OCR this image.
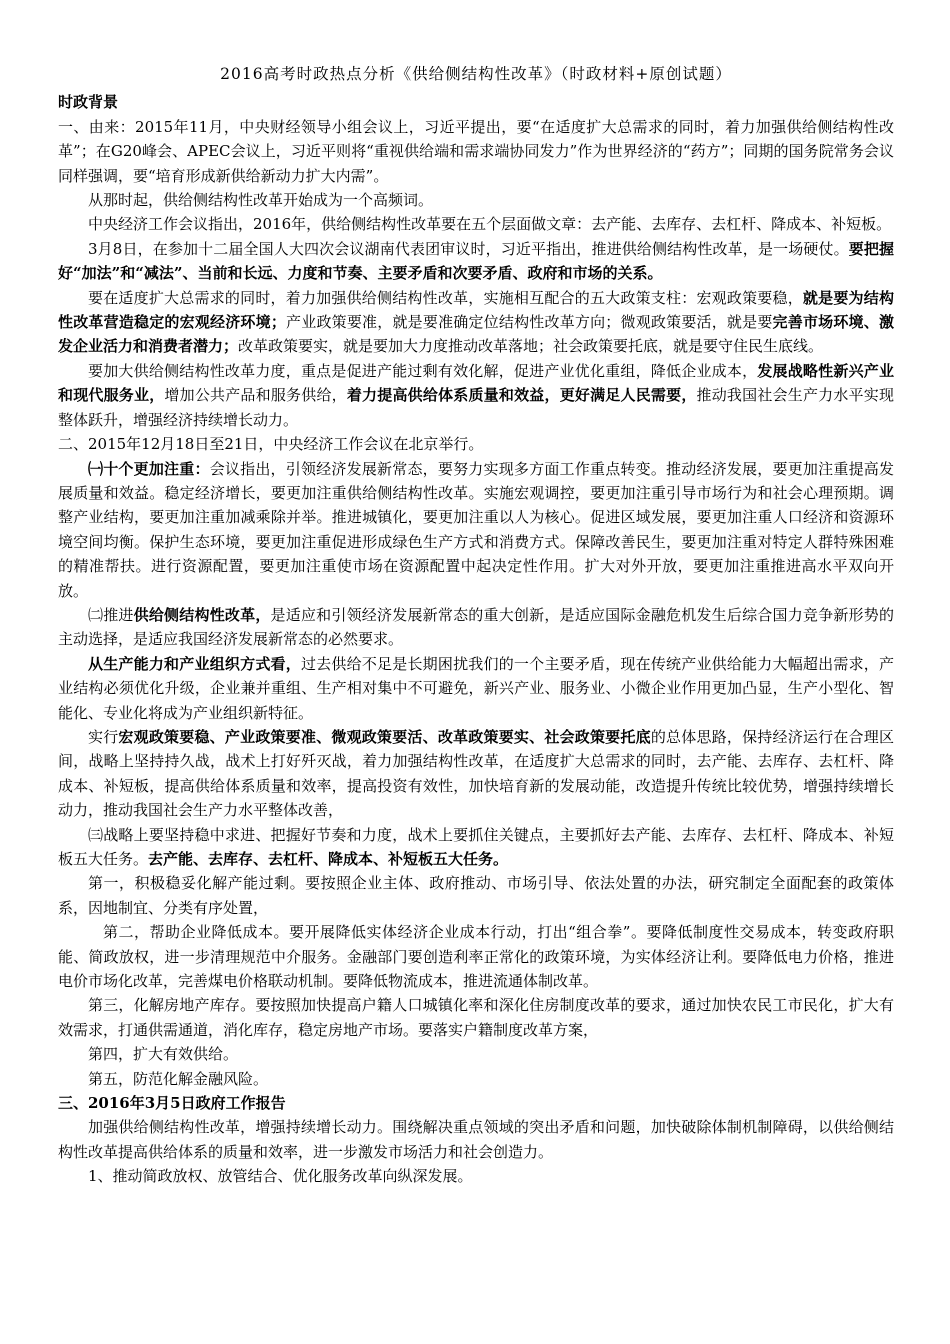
2016高考时政热点分析《供给侧结构性改革》（时政材料+原创试题）

时政背景

一、由来：2015年11月，中央财经领导小组会议上，习近平提出，要“在适度扩大总需求的同时，着力加强供给侧结构性改革”；在G20峰会、APEC会议上，习近平则将“重视供给端和需求端协同发力”作为世界经济的“药方”；同期的国务院常务会议同样强调，要“培育形成新供给新动力扩大内需”。

从那时起，供给侧结构性改革开始成为一个高频词。

中央经济工作会议指出，2016年，供给侧结构性改革要在五个层面做文章：去产能、去库存、去杠杆、降成本、补短板。

3月8日，在参加十二届全国人大四次会议湖南代表团审议时，习近平指出，推进供给侧结构性改革，是一场硬仗。要把握好“加法”和“减法”、当前和长远、力度和节奏、主要矛盾和次要矛盾、政府和市场的关系。

要在适度扩大总需求的同时，着力加强供给侧结构性改革，实施相互配合的五大政策支柱：宏观政策要稳，就是要为结构性改革营造稳定的宏观经济环境；产业政策要准，就是要准确定位结构性改革方向；微观政策要活，就是要完善市场环境、激发企业活力和消费者潜力；改革政策要实，就是要加大力度推动改革落地；社会政策要托底，就是要守住民生底线。

要加大供给侧结构性改革力度，重点是促进产能过剩有效化解，促进产业优化重组，降低企业成本，发展战略性新兴产业和现代服务业，增加公共产品和服务供给，着力提高供给体系质量和效益，更好满足人民需要，推动我国社会生产力水平实现整体跃升，增强经济持续增长动力。

二、2015年12月18日至21日，中央经济工作会议在北京举行。

㈠十个更加注重：会议指出，引领经济发展新常态，要努力实现多方面工作重点转变。推动经济发展，要更加注重提高发展质量和效益。稳定经济增长，要更加注重供给侧结构性改革。实施宏观调控，要更加注重引导市场行为和社会心理预期。调整产业结构，要更加注重加减乘除并举。推进城镇化，要更加注重以人为核心。促进区域发展，要更加注重人口经济和资源环境空间均衡。保护生态环境，要更加注重促进形成绿色生产方式和消费方式。保障改善民生，要更加注重对特定人群特殊困难的精准帮扶。进行资源配置，要更加注重使市场在资源配置中起决定性作用。扩大对外开放，要更加注重推进高水平双向开放。

㈡推进供给侧结构性改革，是适应和引领经济发展新常态的重大创新，是适应国际金融危机发生后综合国力竞争新形势的主动选择，是适应我国经济发展新常态的必然要求。

从生产能力和产业组织方式看，过去供给不足是长期困扰我们的一个主要矛盾，现在传统产业供给能力大幅超出需求，产业结构必须优化升级，企业兼并重组、生产相对集中不可避免，新兴产业、服务业、小微企业作用更加凸显，生产小型化、智能化、专业化将成为产业组织新特征。

实行宏观政策要稳、产业政策要准、微观政策要活、改革政策要实、社会政策要托底的总体思路，保持经济运行在合理区间，战略上坚持持久战，战术上打好歼灭战，着力加强结构性改革，在适度扩大总需求的同时，去产能、去库存、去杠杆、降成本、补短板，提高供给体系质量和效率，提高投资有效性，加快培育新的发展动能，改造提升传统比较优势，增强持续增长动力，推动我国社会生产力水平整体改善，

㈢战略上要坚持稳中求进、把握好节奏和力度，战术上要抓住关键点，主要抓好去产能、去库存、去杠杆、降成本、补短板五大任务。去产能、去库存、去杠杆、降成本、补短板五大任务。

第一，积极稳妥化解产能过剩。要按照企业主体、政府推动、市场引导、依法处置的办法，研究制定全面配套的政策体系，因地制宜、分类有序处置，

第二，帮助企业降低成本。要开展降低实体经济企业成本行动，打出“组合拳”。要降低制度性交易成本，转变政府职能、简政放权，进一步清理规范中介服务。金融部门要创造利率正常化的政策环境，为实体经济让利。要降低电力价格，推进电价市场化改革，完善煤电价格联动机制。要降低物流成本，推进流通体制改革。

第三，化解房地产库存。要按照加快提高户籍人口城镇化率和深化住房制度改革的要求，通过加快农民工市民化，扩大有效需求，打通供需通道，消化库存，稳定房地产市场。要落实户籍制度改革方案，

第四，扩大有效供给。

第五，防范化解金融风险。

三、2016年3月5日政府工作报告

加强供给侧结构性改革，增强持续增长动力。围绕解决重点领域的突出矛盾和问题，加快破除体制机制障碍，以供给侧结构性改革提高供给体系的质量和效率，进一步激发市场活力和社会创造力。

1、推动简政放权、放管结合、优化服务改革向纵深发展。
